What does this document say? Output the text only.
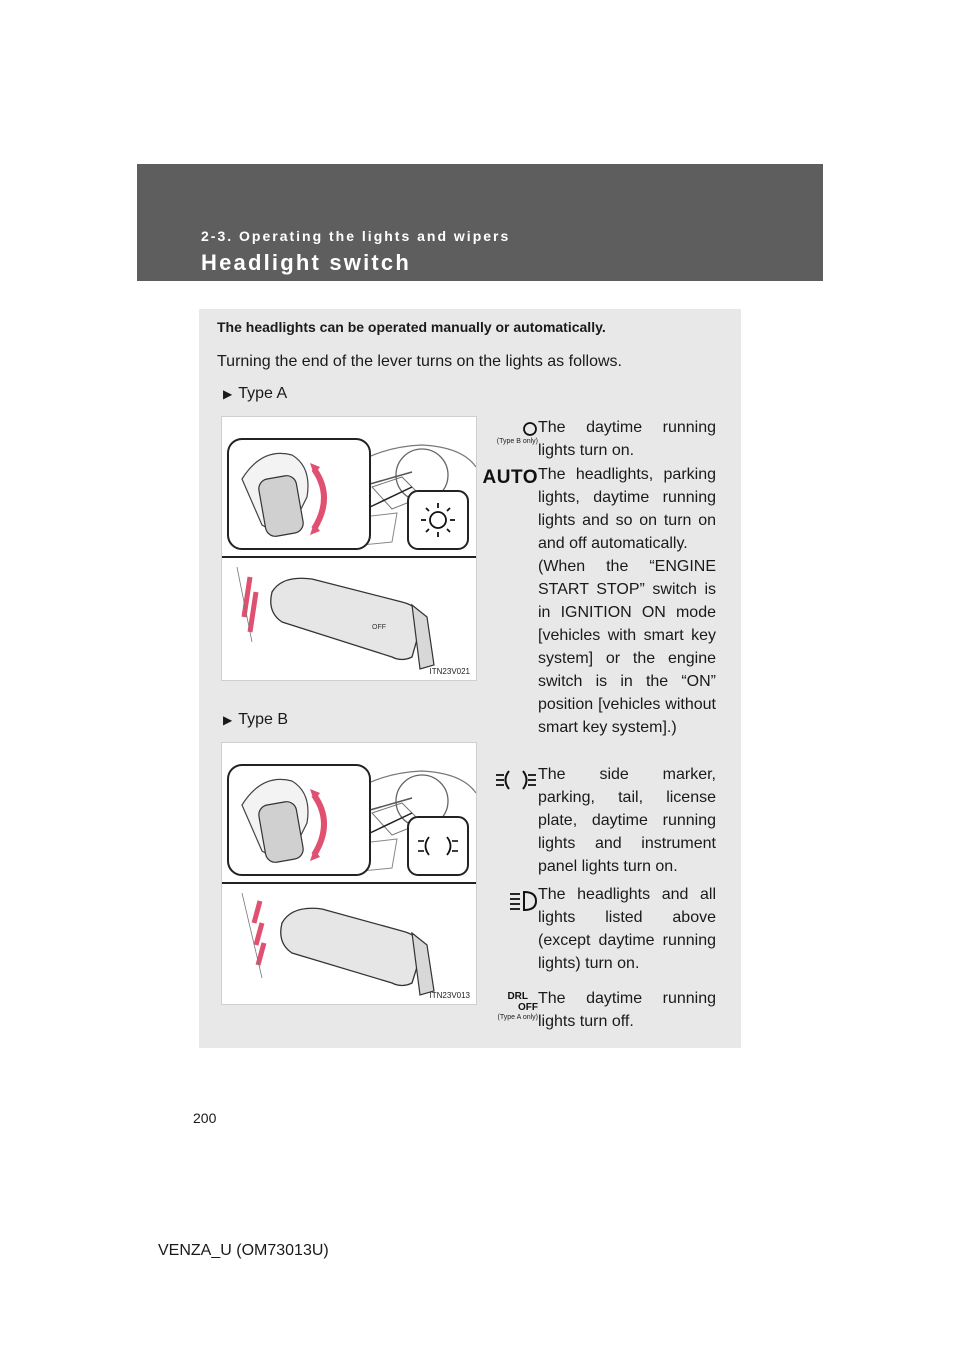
2-3. Operating the lights and wipers

Headlight switch

The headlights can be operated manually or automatically.

Turning the end of the lever turns on the lights as follows.

▶ Type A

OFF
ITN23V021

▶ Type B

ITN23V013
(Type B only)

The daytime running lights turn on.

AUTO The headlights, parking lights, daytime running lights and so on turn on and off automatically.
(When the “ENGINE START STOP” switch is in IGNITION ON mode [vehicles with smart key system] or the engine switch is in the “ON” position [vehicles without smart key system].)

The side marker, parking, tail, license plate, daytime running lights and instrument panel lights turn on.

The headlights and all lights listed above (except daytime running lights) turn on.

DRL
OFF
(Type A only)

The daytime running lights turn off.

200

VENZA_U (OM73013U)
